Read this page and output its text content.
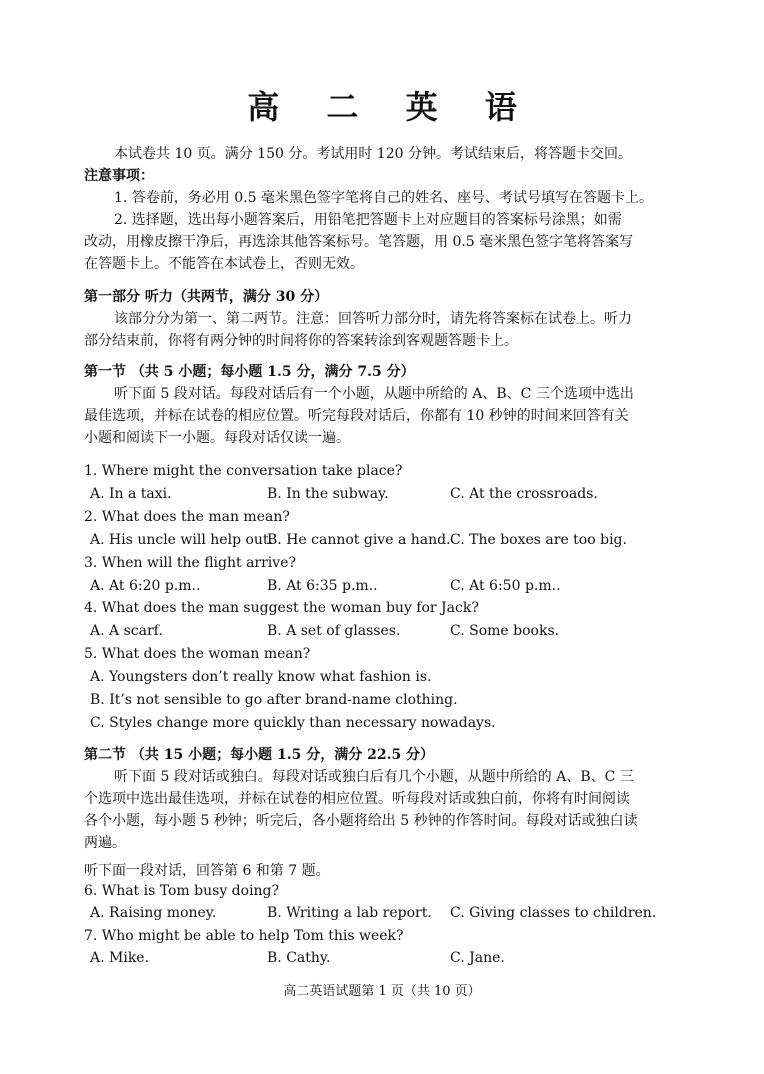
高 二 英 语
本试卷共 10 页。满分 150 分。考试用时 120 分钟。考试结束后，将答题卡交回。
注意事项：
1. 答卷前，务必用 0.5 毫米黑色签字笔将自己的姓名、座号、考试号填写在答题卡上。
2. 选择题，选出每小题答案后，用铅笔把答题卡上对应题目的答案标号涂黑；如需
改动，用橡皮擦干净后，再选涂其他答案标号。笔答题，用 0.5 毫米黑色签字笔将答案写
在答题卡上。不能答在本试卷上，否则无效。
第一部分 听力（共两节，满分 30 分）
该部分分为第一、第二两节。注意：回答听力部分时，请先将答案标在试卷上。听力
部分结束前，你将有两分钟的时间将你的答案转涂到客观题答题卡上。
第一节 （共 5 小题；每小题 1.5 分，满分 7.5 分）
听下面 5 段对话。每段对话后有一个小题，从题中所给的 A、B、C 三个选项中选出
最佳选项，并标在试卷的相应位置。听完每段对话后，你都有 10 秒钟的时间来回答有关
小题和阅读下一小题。每段对话仅读一遍。
1. Where might the conversation take place?
A. In a taxi.	B. In the subway.	C. At the crossroads.
2. What does the man mean?
A. His uncle will help out.
B. He cannot give a hand. C. The boxes are too big.
3. When will the flight arrive?
A. At 6:20 p.m..	B. At 6:35 p.m..	C. At 6:50 p.m..
4. What does the man suggest the woman buy for Jack?
A. A scarf.	B. A set of glasses.	C. Some books.
5. What does the woman mean?
A. Youngsters don’t really know what fashion is.
B. It’s not sensible to go after brand-name clothing.
C. Styles change more quickly than necessary nowadays.
第二节 （共 15 小题；每小题 1.5 分，满分 22.5 分）
听下面 5 段对话或独白。每段对话或独白后有几个小题，从题中所给的 A、B、C 三
个选项中选出最佳选项，并标在试卷的相应位置。听每段对话或独白前，你将有时间阅读
各个小题，每小题 5 秒钟；听完后，各小题将给出 5 秒钟的作答时间。每段对话或独白读
两遍。
听下面一段对话，回答第 6 和第 7 题。
6. What is Tom busy doing?
A. Raising money.	B. Writing a lab report. C. Giving classes to children.
7. Who might be able to help Tom this week?
A. Mike.	B. Cathy.	C. Jane.
高二英语试题第 1 页（共 10 页）
